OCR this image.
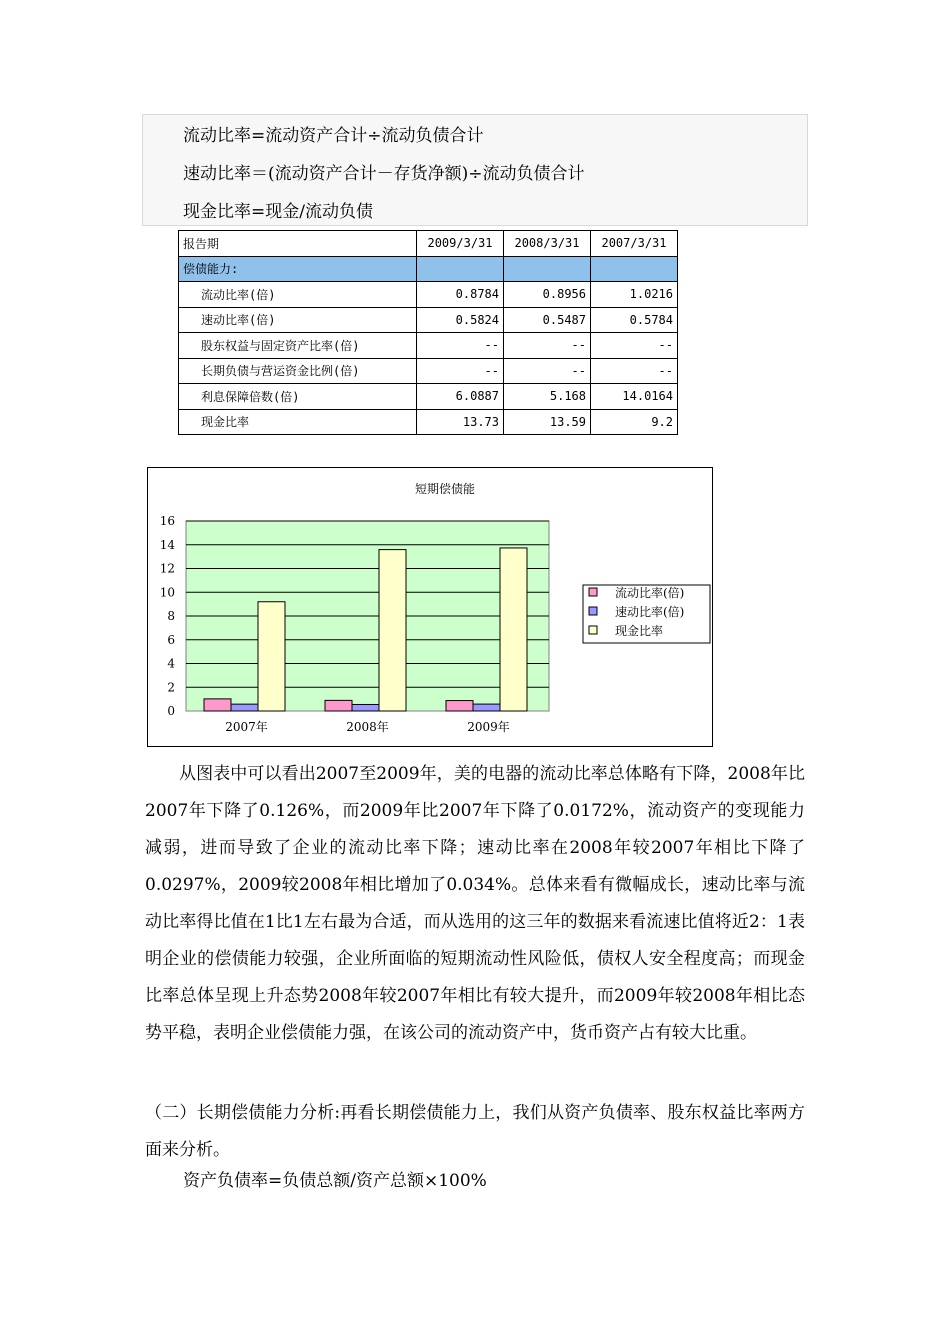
流动比率=流动资产合计÷流动负债合计
速动比率＝(流动资产合计－存货净额)÷流动负债合计
现金比率=现金/流动负债
报告期	2009/3/31	2008/3/31	2007/3/31
偿债能力:			
流动比率(倍)	0.8784	0.8956	1.0216
速动比率(倍)	0.5824	0.5487	0.5784
股东权益与固定资产比率(倍)	--	--	--
长期负债与营运资金比例(倍)	--	--	--
利息保障倍数(倍)	6.0887	5.168	14.0164
现金比率	13.73	13.59	9.2
短期偿债能
0
2
4
6
8
10
12
14
16
2007年	2008年	2009年
流动比率(倍)
速动比率(倍)
现金比率
从图表中可以看出2007至2009年，美的电器的流动比率总体略有下降，2008年比2007年下降了0.126%，而2009年比2007年下降了0.0172%，流动资产的变现能力减弱，进而导致了企业的流动比率下降；速动比率在2008年较2007年相比下降了0.0297%，2009较2008年相比增加了0.034%。总体来看有微幅成长，速动比率与流动比率得比值在1比1左右最为合适，而从选用的这三年的数据来看流速比值将近2：1表明企业的偿债能力较强，企业所面临的短期流动性风险低，债权人安全程度高；而现金比率总体呈现上升态势2008年较2007年相比有较大提升，而2009年较2008年相比态势平稳，表明企业偿债能力强，在该公司的流动资产中，货币资产占有较大比重。
（二）长期偿债能力分析:再看长期偿债能力上，我们从资产负债率、股东权益比率两方面来分析。
资产负债率=负债总额/资产总额×100%
